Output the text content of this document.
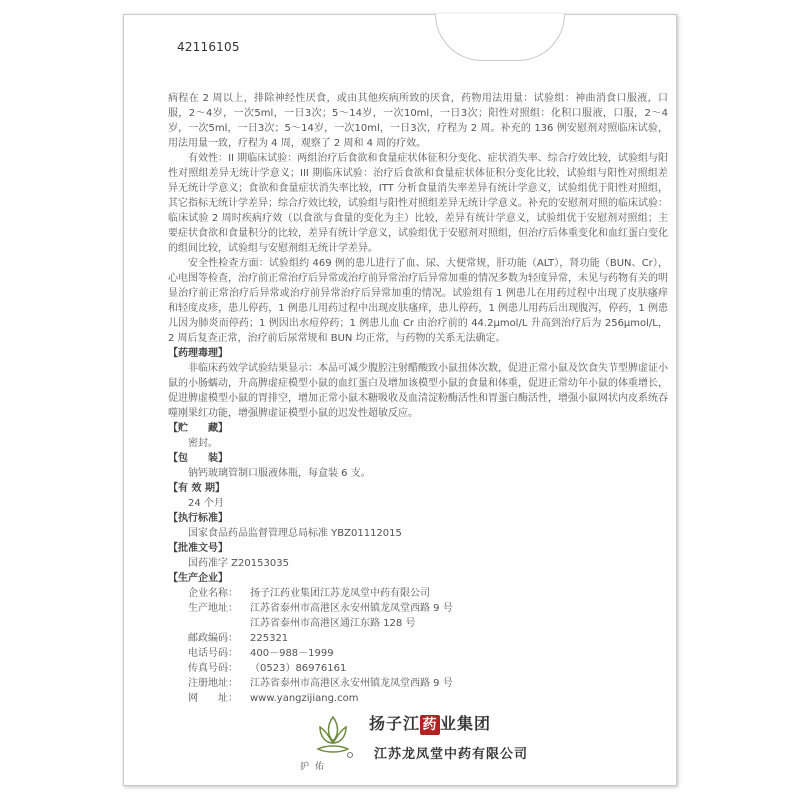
42116105

病程在 2 周以上，排除神经性厌食，或由其他疾病所致的厌食，药物用法用量：试验组：神曲消食口服液，口服，2～4岁，一次5ml，一日3次；5～14岁，一次10ml，一日3次；阳性对照组：化积口服液，口服，2～4岁，一次5ml，一日3次；5～14岁，一次10ml，一日3次，疗程为 2 周。补充的 136 例安慰剂对照临床试验，用法用量一致，疗程为 4 周，观察了 2 周和 4 周的疗效。

有效性：II 期临床试验：两组治疗后食欲和食量症状体征积分变化、症状消失率、综合疗效比较，试验组与阳性对照组差异无统计学意义；III 期临床试验：治疗后食欲和食量症状体征积分变化比较，试验组与阳性对照组差异无统计学意义；食欲和食量症状消失率比较，ITT 分析食量消失率差异有统计学意义，试验组优于阳性对照组，其它指标无统计学差异；综合疗效比较，试验组与阳性对照组差异无统计学意义。补充的安慰剂对照的临床试验：临床试验 2 周时疾病疗效（以食欲与食量的变化为主）比较，差异有统计学意义，试验组优于安慰剂对照组；主要症状食欲和食量积分的比较，差异有统计学意义，试验组优于安慰剂对照组，但治疗后体重变化和血红蛋白变化的组间比较，试验组与安慰剂组无统计学差异。

安全性检查方面：试验组约 469 例的患儿进行了血、尿、大便常规，肝功能（ALT），肾功能（BUN、Cr），心电图等检查，治疗前正常治疗后异常或治疗前异常治疗后异常加重的情况多数为轻度异常，未见与药物有关的明显治疗前正常治疗后异常或治疗前异常治疗后异常加重的情况。试验组有 1 例患儿在用药过程中出现了皮肤瘙痒和轻度皮疹，患儿停药，1 例患儿用药过程中出现皮肤瘙痒，患儿停药，1 例患儿用药后出现腹泻，停药，1 例患儿因为肺炎而停药；1 例因出水痘停药；1 例患儿血 Cr 由治疗前的 44.2μmol/L 升高到治疗后为 256μmol/L，2 周后复查正常，治疗前后尿常规和 BUN 均正常，与药物的关系无法确定。

【药理毒理】

非临床药效学试验结果显示：本品可减少腹腔注射醋酸致小鼠扭体次数，促进正常小鼠及饮食失节型脾虚证小鼠的小肠蠕动，升高脾虚症模型小鼠的血红蛋白及增加该模型小鼠的食量和体重，促进正常幼年小鼠的体重增长，促进脾虚模型小鼠的胃排空，增加正常小鼠木糖吸收及血清淀粉酶活性和胃蛋白酶活性，增强小鼠网状内皮系统吞噬刚果红功能，增强脾虚证模型小鼠的迟发性超敏反应。

【贮　　藏】
密封。
【包　　装】
钠钙玻璃管制口服液体瓶，每盒装 6 支。
【有 效 期】
24 个月
【执行标准】
国家食品药品监督管理总局标准 YBZ01112015
【批准文号】
国药准字 Z20153035
【生产企业】
企业名称： 扬子江药业集团江苏龙凤堂中药有限公司
生产地址： 江苏省泰州市高港区永安州镇龙凤堂西路 9 号
江苏省泰州市高港区通江东路 128 号
邮政编码： 225321
电话号码： 400－988－1999
传真号码： （0523）86976161
注册地址： 江苏省泰州市高港区永安州镇龙凤堂西路 9 号
网　　址： www.yangzijiang.com
护佑
扬子江 药 业集团
江苏龙凤堂中药有限公司
